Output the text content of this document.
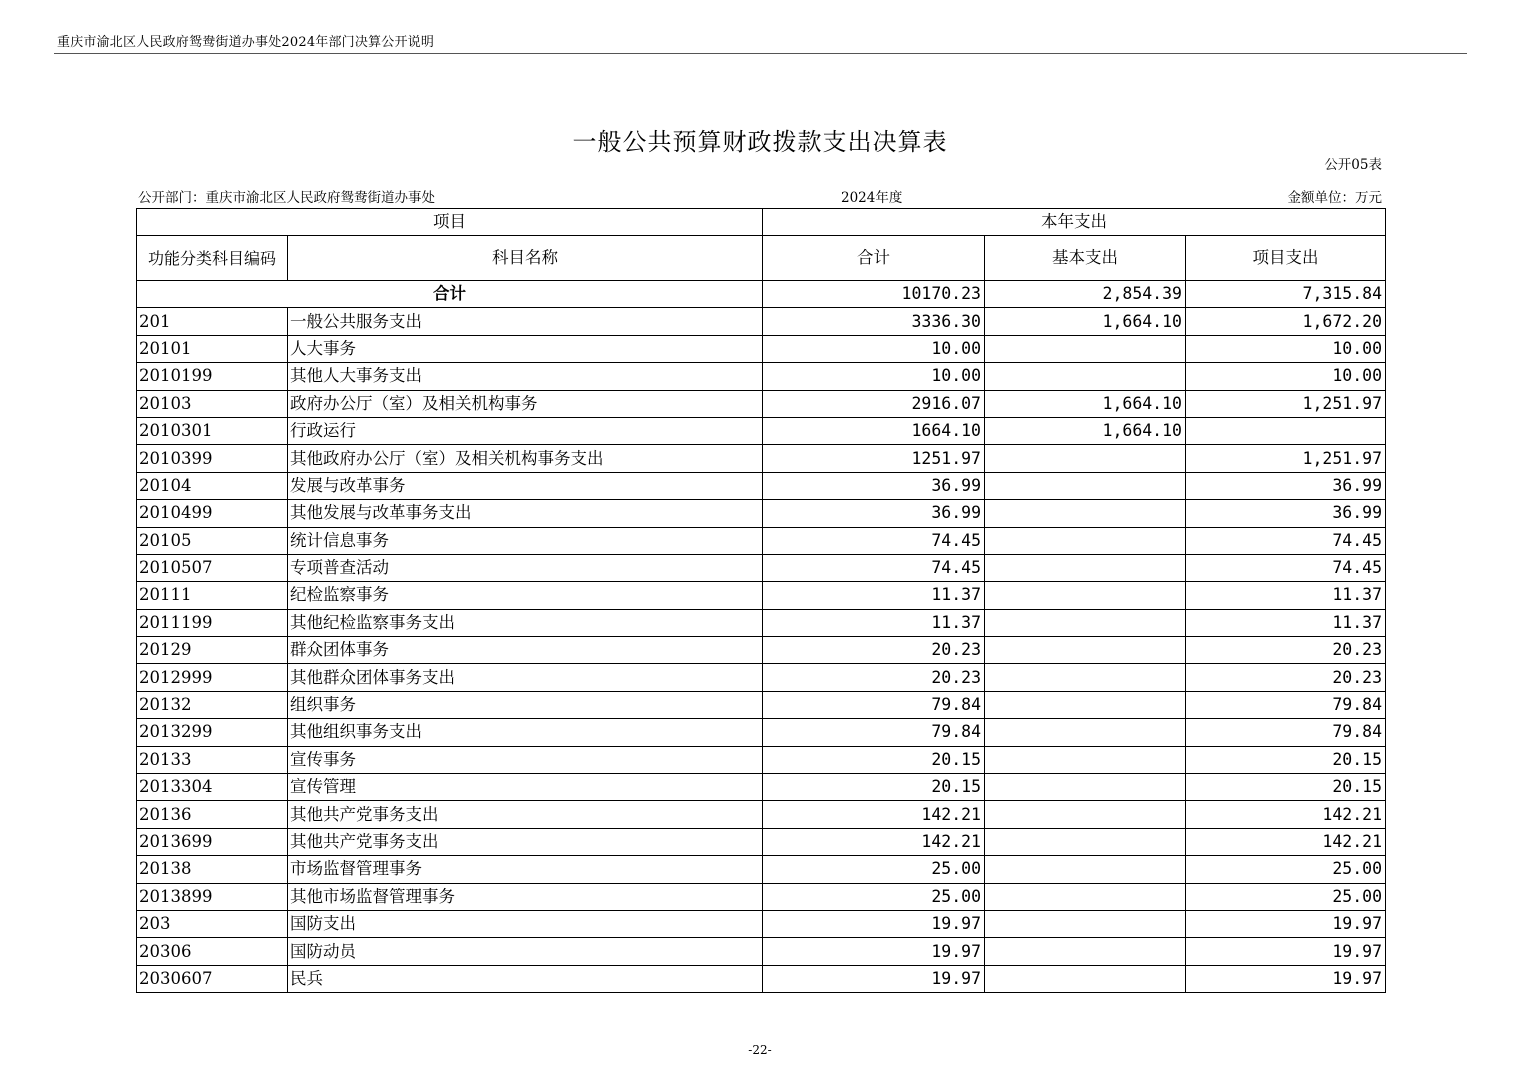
重庆市渝北区人民政府鸳鸯街道办事处2024年部门决算公开说明
一般公共预算财政拨款支出决算表
公开05表
公开部门：重庆市渝北区人民政府鸳鸯街道办事处	2024年度	金额单位：万元
项目		本年支出		
功能分类科目编码	科目名称	合计	基本支出	项目支出
合计		10170.23	2,854.39	7,315.84
201	一般公共服务支出	3336.30	1,664.10	1,672.20
20101	人大事务	10.00		10.00
2010199	其他人大事务支出	10.00		10.00
20103	政府办公厅（室）及相关机构事务	2916.07	1,664.10	1,251.97
2010301	行政运行	1664.10	1,664.10	
2010399	其他政府办公厅（室）及相关机构事务支出	1251.97		1,251.97
20104	发展与改革事务	36.99		36.99
2010499	其他发展与改革事务支出	36.99		36.99
20105	统计信息事务	74.45		74.45
2010507	专项普查活动	74.45		74.45
20111	纪检监察事务	11.37		11.37
2011199	其他纪检监察事务支出	11.37		11.37
20129	群众团体事务	20.23		20.23
2012999	其他群众团体事务支出	20.23		20.23
20132	组织事务	79.84		79.84
2013299	其他组织事务支出	79.84		79.84
20133	宣传事务	20.15		20.15
2013304	宣传管理	20.15		20.15
20136	其他共产党事务支出	142.21		142.21
2013699	其他共产党事务支出	142.21		142.21
20138	市场监督管理事务	25.00		25.00
2013899	其他市场监督管理事务	25.00		25.00
203	国防支出	19.97		19.97
20306	国防动员	19.97		19.97
2030607	民兵	19.97		19.97
-22-
